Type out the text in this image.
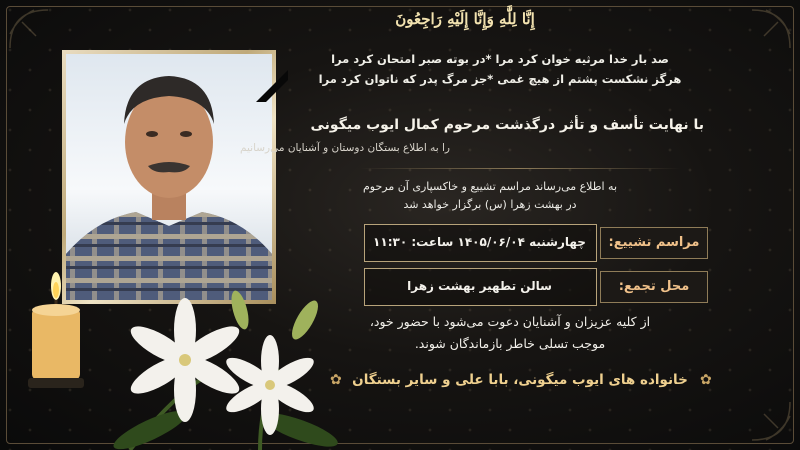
إِنَّا لِلَّٰهِ وَإِنَّا إِلَيْهِ رَاجِعُونَ
صد بار خدا مرثیه خوان کرد مرا *در بوته صبر امتحان کرد مرا
هرگز نشکست پشتم از هیچ غمی *جز مرگ پدر که ناتوان کرد مرا
با نهایت تأسف و تأثر درگذشت مرحوم کمال ایوب میگونی
را به اطلاع بستگان دوستان و آشنایان می‌رسانیم
به اطلاع می‌رساند مراسم تشییع و خاکسپاری آن مرحوم
در بهشت زهرا (س) برگزار خواهد شد
مراسم تشییع:
محل تجمع:
چهارشنبه ۱۴۰۵/۰۶/۰۴ ساعت: ۱۱:۳۰
سالن تطهیر بهشت زهرا
از کلیه عزیزان و آشنایان دعوت می‌شود با حضور خود،
موجب تسلی خاطر بازماندگان شوند.
✿ خانواده های ایوب میگونی، بابا علی و سایر بستگان ✿
